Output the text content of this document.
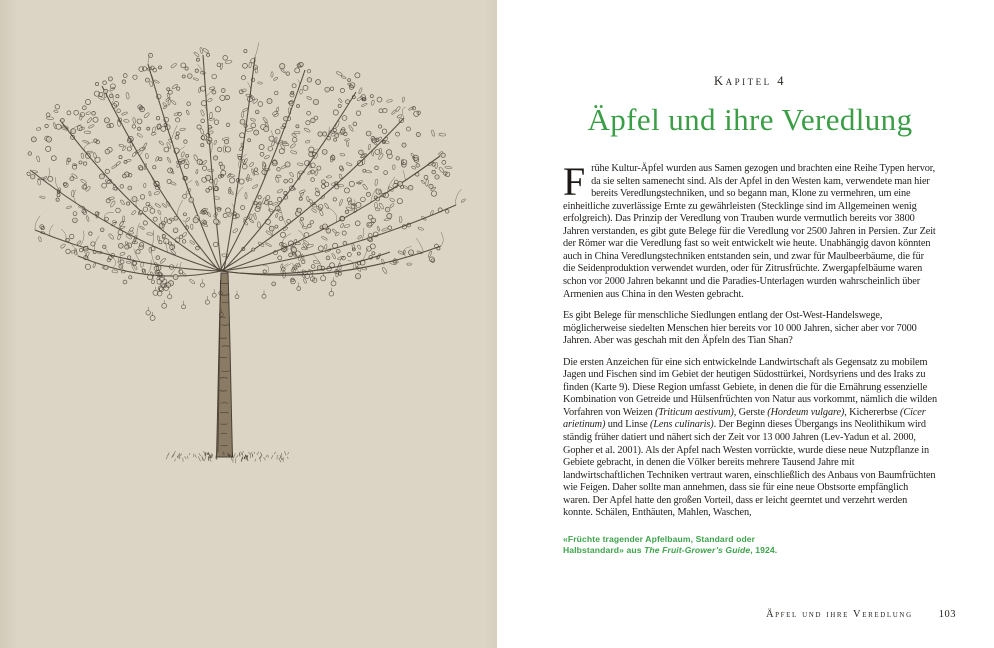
Kapitel 4
Äpfel und ihre Veredlung

Frühe Kultur-Äpfel wurden aus Samen gezogen und brachten eine Reihe Typen hervor, da sie selten samenecht sind. Als der Apfel in den Westen kam, verwendete man hier bereits Veredlungstechniken, und so begann man, Klone zu vermehren, um eine einheitliche zuverlässige Ernte zu gewährleisten (Stecklinge sind im Allgemeinen wenig erfolgreich). Das Prinzip der Veredlung von Trauben wurde vermutlich bereits vor 3800 Jahren verstanden, es gibt gute Belege für die Veredlung vor 2500 Jahren in Persien. Zur Zeit der Römer war die Veredlung fast so weit entwickelt wie heute. Unabhängig davon könnten auch in China Veredlungstechniken entstanden sein, und zwar für Maulbeerbäume, die für die Seidenproduktion verwendet wurden, oder für Zitrusfrüchte. Zwergapfelbäume waren schon vor 2000 Jahren bekannt und die Paradies-Unterlagen wurden wahrscheinlich über Armenien aus China in den Westen gebracht.

Es gibt Belege für menschliche Siedlungen entlang der Ost-West-Handelswege, möglicherweise siedelten Menschen hier bereits vor 10 000 Jahren, sicher aber vor 7000 Jahren. Aber was geschah mit den Äpfeln des Tian Shan?

Die ersten Anzeichen für eine sich entwickelnde Landwirtschaft als Gegensatz zu mobilem Jagen und Fischen sind im Gebiet der heutigen Südosttürkei, Nordsyriens und des Iraks zu finden (Karte 9). Diese Region umfasst Gebiete, in denen die für die Ernährung essenzielle Kombination von Getreide und Hülsenfrüchten von Natur aus vorkommt, nämlich die wilden Vorfahren von Weizen (Triticum aestivum), Gerste (Hordeum vulgare), Kichererbse (Cicer arietinum) und Linse (Lens culinaris). Der Beginn dieses Übergangs ins Neolithikum wird ständig früher datiert und nähert sich der Zeit vor 13 000 Jahren (Lev-Yadun et al. 2000, Gopher et al. 2001). Als der Apfel nach Westen vorrückte, wurde diese neue Nutzpflanze in Gebiete gebracht, in denen die Völker bereits mehrere Tausend Jahre mit landwirtschaftlichen Techniken vertraut waren, einschließlich des Anbaus von Baumfrüchten wie Feigen. Daher sollte man annehmen, dass sie für eine neue Obstsorte empfänglich waren. Der Apfel hatte den großen Vorteil, dass er leicht geerntet und verzehrt werden konnte. Schälen, Enthäuten, Mahlen, Waschen,

«Früchte tragender Apfelbaum, Standard oder Halbstandard» aus The Fruit-Grower’s Guide, 1924.
Äpfel und ihre Veredlung 103
